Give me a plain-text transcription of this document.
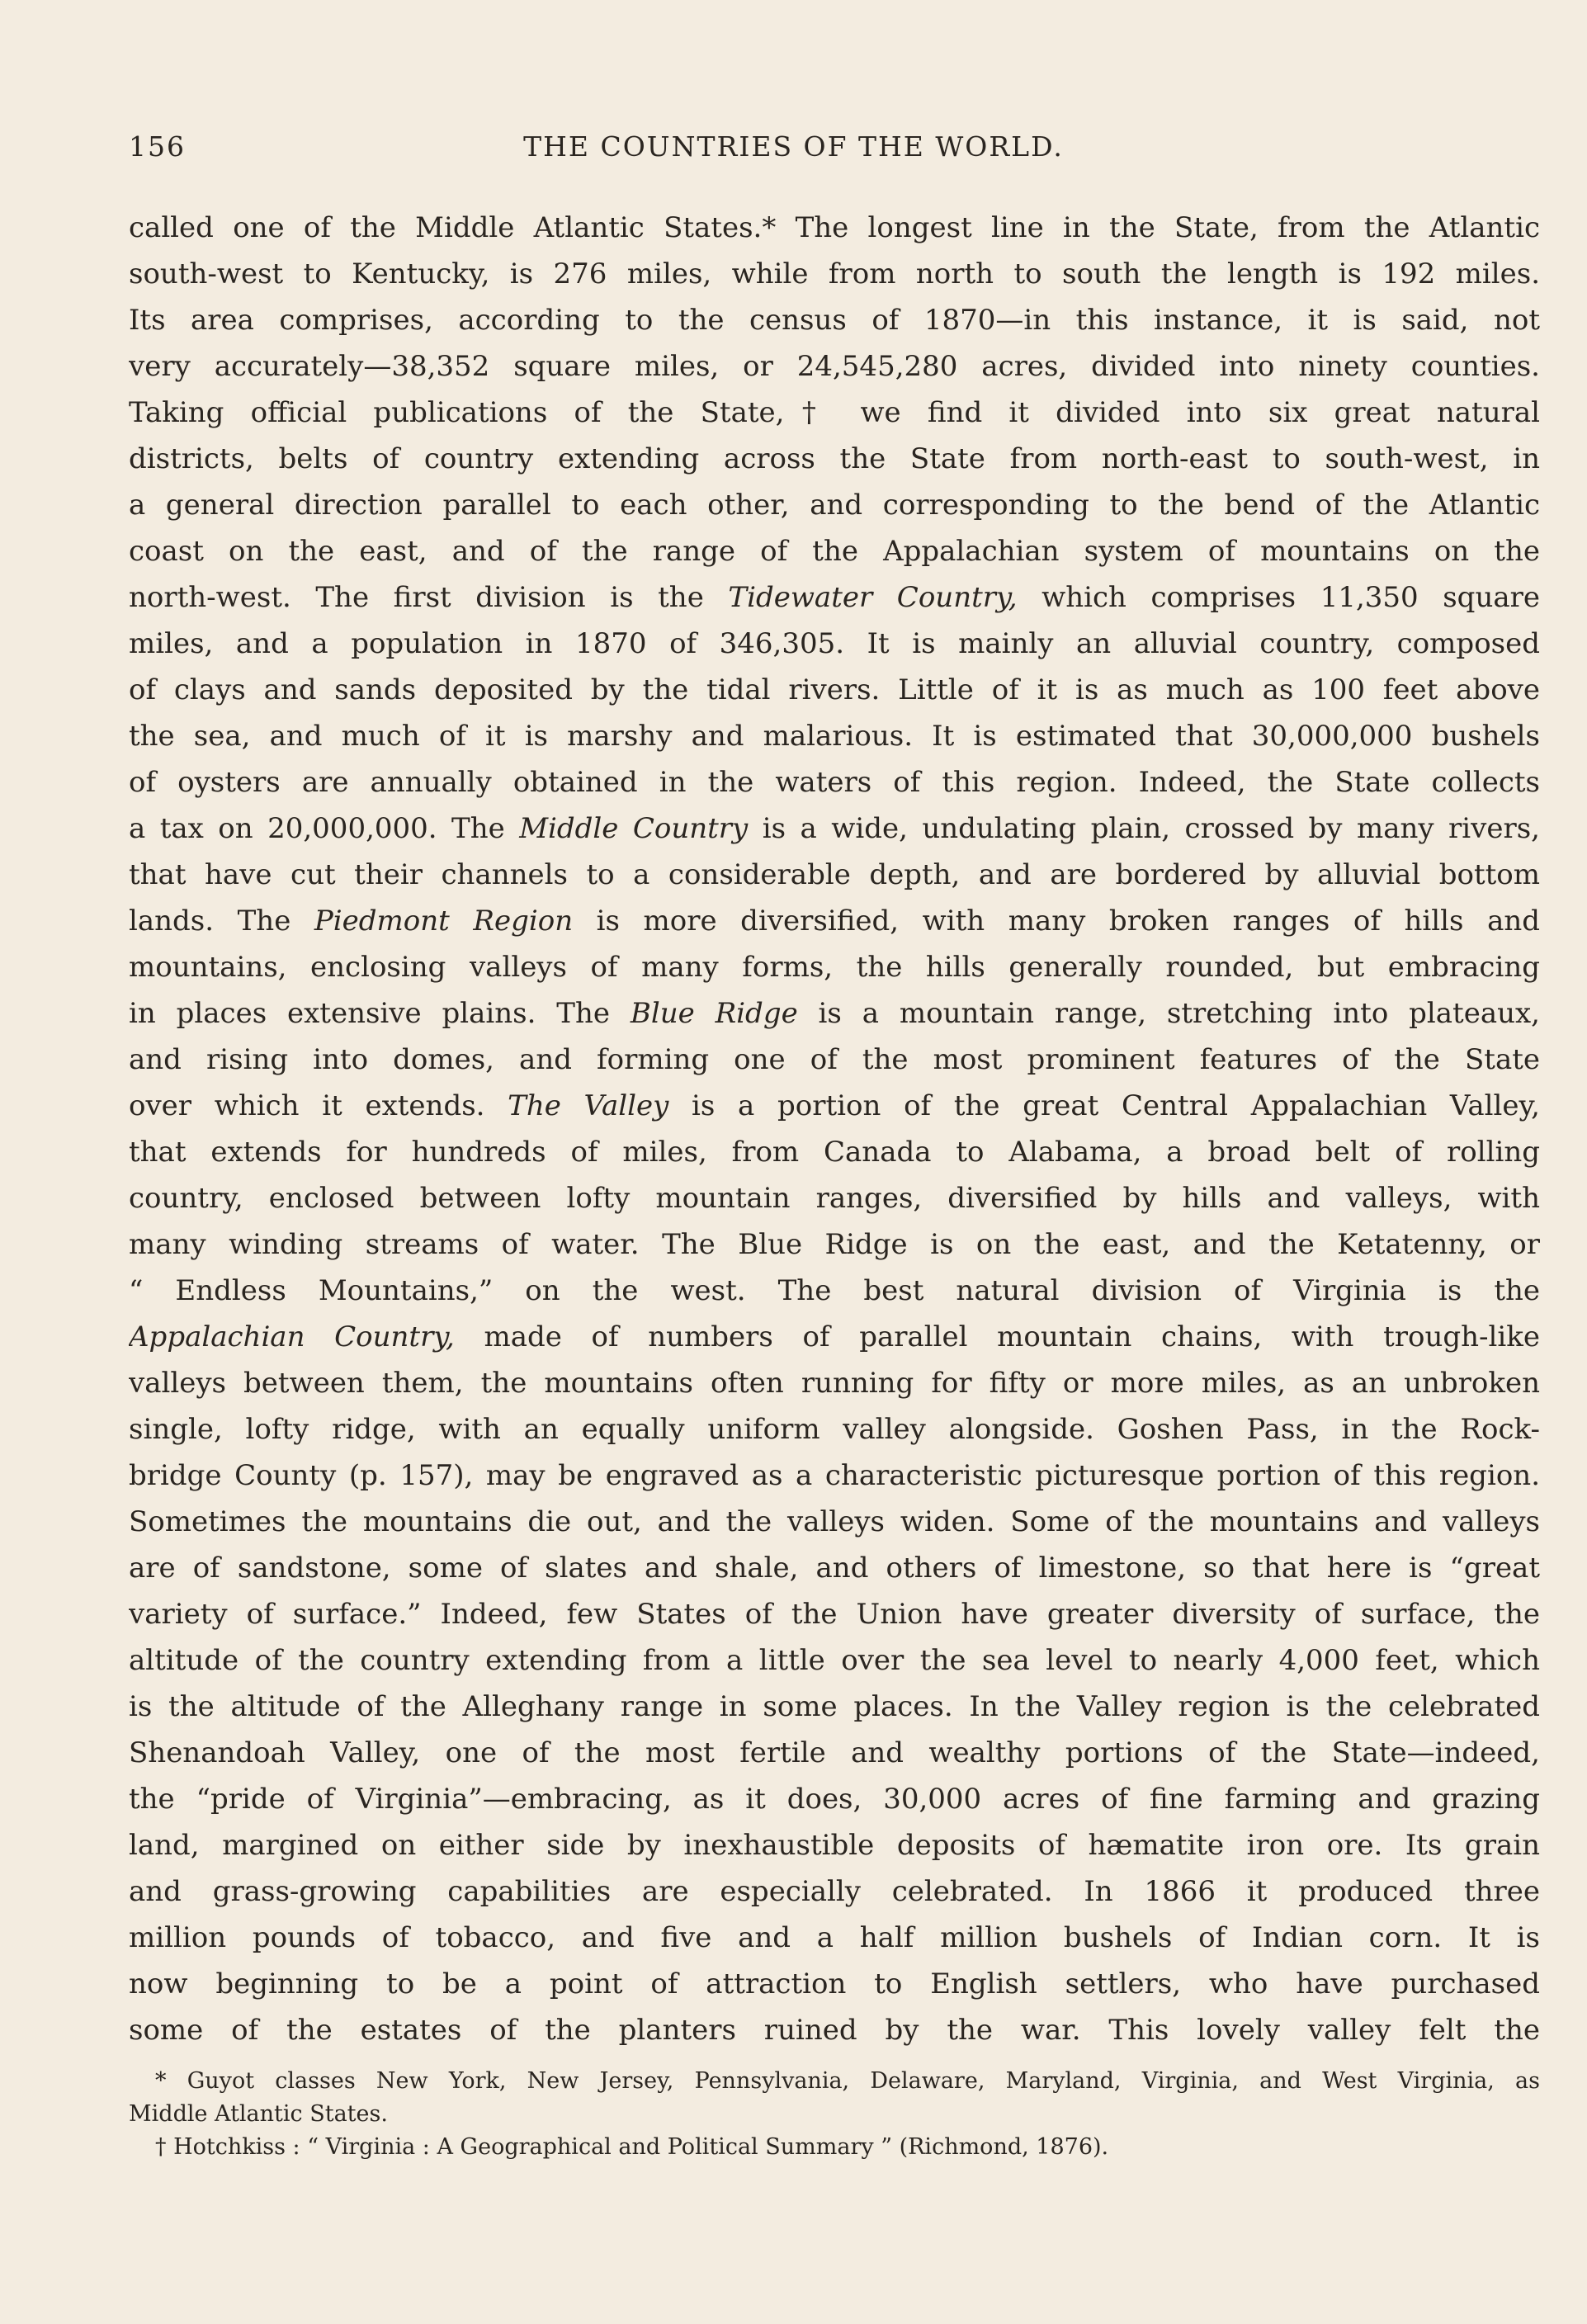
156	THE COUNTRIES OF THE WORLD.
called one of the Middle Atlantic States.* The longest line in the State, from the Atlantic
south-west to Kentucky, is 276 miles, while from north to south the length is 192 miles.
Its area comprises, according to the census of 1870—in this instance, it is said, not
very accurately—38,352 square miles, or 24,545,280 acres, divided into ninety counties.
Taking official publications of the State,† we find it divided into six great natural
districts, belts of country extending across the State from north-east to south-west, in
a general direction parallel to each other, and corresponding to the bend of the Atlantic
coast on the east, and of the range of the Appalachian system of mountains on the
north-west. The first division is the Tidewater Country, which comprises 11,350 square
miles, and a population in 1870 of 346,305. It is mainly an alluvial country, composed
of clays and sands deposited by the tidal rivers. Little of it is as much as 100 feet above
the sea, and much of it is marshy and malarious. It is estimated that 30,000,000 bushels
of oysters are annually obtained in the waters of this region. Indeed, the State collects
a tax on 20,000,000. The Middle Country is a wide, undulating plain, crossed by many rivers,
that have cut their channels to a considerable depth, and are bordered by alluvial bottom
lands. The Piedmont Region is more diversified, with many broken ranges of hills and
mountains, enclosing valleys of many forms, the hills generally rounded, but embracing
in places extensive plains. The Blue Ridge is a mountain range, stretching into plateaux,
and rising into domes, and forming one of the most prominent features of the State
over which it extends. The Valley is a portion of the great Central Appalachian Valley,
that extends for hundreds of miles, from Canada to Alabama, a broad belt of rolling
country, enclosed between lofty mountain ranges, diversified by hills and valleys, with
many winding streams of water. The Blue Ridge is on the east, and the Ketatenny, or
“ Endless Mountains,” on the west. The best natural division of Virginia is the
Appalachian Country, made of numbers of parallel mountain chains, with trough-like
valleys between them, the mountains often running for fifty or more miles, as an unbroken
single, lofty ridge, with an equally uniform valley alongside. Goshen Pass, in the Rock-
bridge County (p. 157), may be engraved as a characteristic picturesque portion of this region.
Sometimes the mountains die out, and the valleys widen. Some of the mountains and valleys
are of sandstone, some of slates and shale, and others of limestone, so that here is “great
variety of surface.” Indeed, few States of the Union have greater diversity of surface, the
altitude of the country extending from a little over the sea level to nearly 4,000 feet, which
is the altitude of the Alleghany range in some places. In the Valley region is the celebrated
Shenandoah Valley, one of the most fertile and wealthy portions of the State—indeed,
the “pride of Virginia”—embracing, as it does, 30,000 acres of fine farming and grazing
land, margined on either side by inexhaustible deposits of hæmatite iron ore. Its grain
and grass-growing capabilities are especially celebrated. In 1866 it produced three
million pounds of tobacco, and five and a half million bushels of Indian corn. It is
now beginning to be a point of attraction to English settlers, who have purchased
some of the estates of the planters ruined by the war. This lovely valley felt the
* Guyot classes New York, New Jersey, Pennsylvania, Delaware, Maryland, Virginia, and West Virginia, as
Middle Atlantic States.
† Hotchkiss : “ Virginia : A Geographical and Political Summary ” (Richmond, 1876).
